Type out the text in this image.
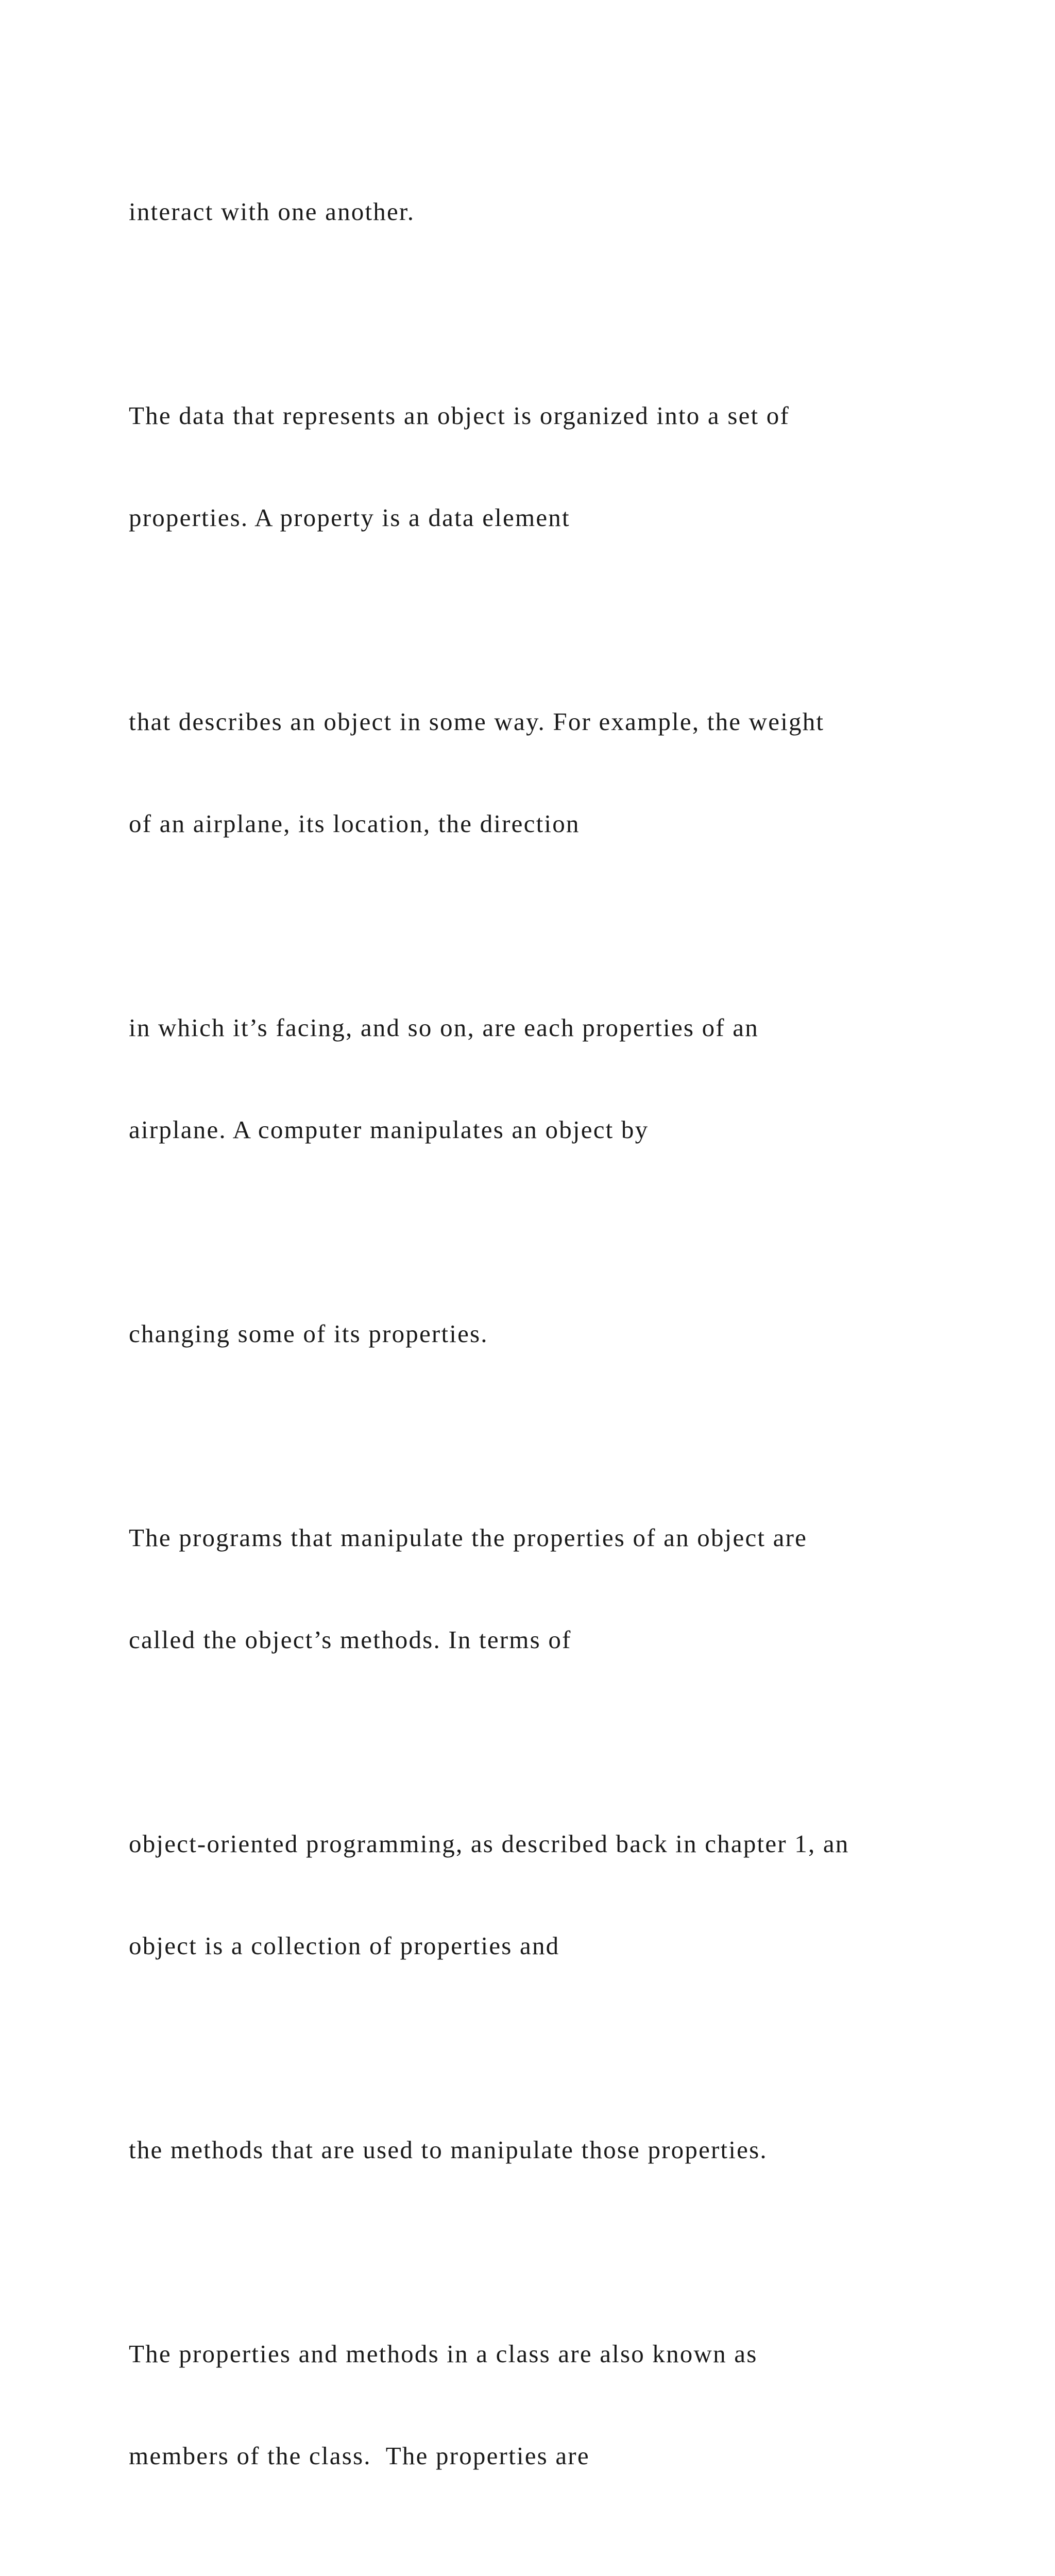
interact with one another.

The data that represents an object is organized into a set of

properties. A property is a data element

that describes an object in some way. For example, the weight

of an airplane, its location, the direction

in which it’s facing, and so on, are each properties of an

airplane. A computer manipulates an object by

changing some of its properties.

The programs that manipulate the properties of an object are

called the object’s methods. In terms of

object-oriented programming, as described back in chapter 1, an

object is a collection of properties and

the methods that are used to manipulate those properties.

The properties and methods in a class are also known as

members of the class.  The properties are
